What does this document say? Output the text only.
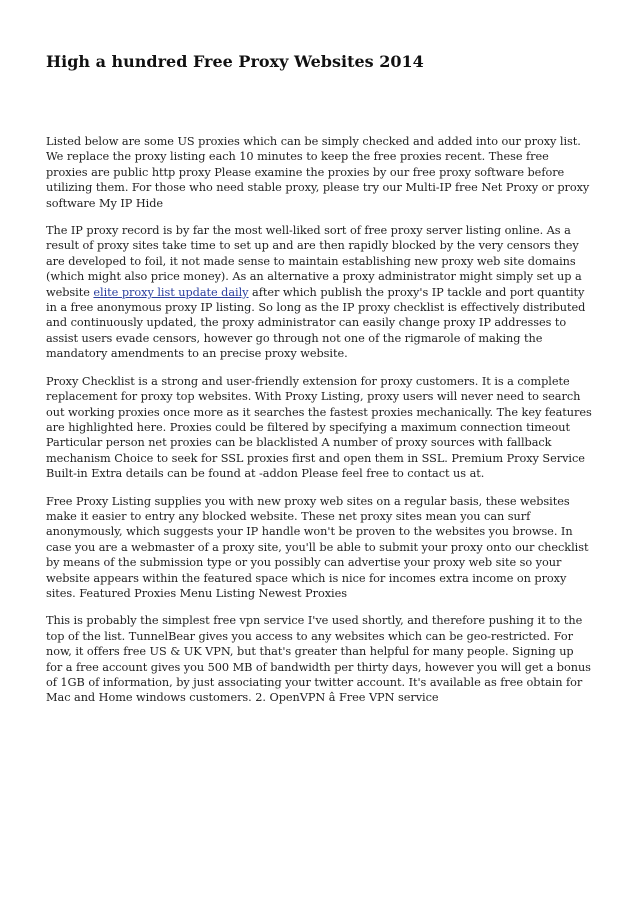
High a hundred Free Proxy Websites 2014

Listed below are some US proxies which can be simply checked and added into our proxy list. We replace the proxy listing each 10 minutes to keep the free proxies recent. These free proxies are public http proxy Please examine the proxies by our free proxy software before utilizing them. For those who need stable proxy, please try our Multi-IP free Net Proxy or proxy software My IP Hide

The IP proxy record is by far the most well-liked sort of free proxy server listing online. As a result of proxy sites take time to set up and are then rapidly blocked by the very censors they are developed to foil, it not made sense to maintain establishing new proxy web site domains (which might also price money). As an alternative a proxy administrator might simply set up a website elite proxy list update daily after which publish the proxy's IP tackle and port quantity in a free anonymous proxy IP listing. So long as the IP proxy checklist is effectively distributed and continuously updated, the proxy administrator can easily change proxy IP addresses to assist users evade censors, however go through not one of the rigmarole of making the mandatory amendments to an precise proxy website.

Proxy Checklist is a strong and user-friendly extension for proxy customers. It is a complete replacement for proxy top websites. With Proxy Listing, proxy users will never need to search out working proxies once more as it searches the fastest proxies mechanically. The key features are highlighted here. Proxies could be filtered by specifying a maximum connection timeout Particular person net proxies can be blacklisted A number of proxy sources with fallback mechanism Choice to seek for SSL proxies first and open them in SSL. Premium Proxy Service Built-in Extra details can be found at -addon Please feel free to contact us at.

Free Proxy Listing supplies you with new proxy web sites on a regular basis, these websites make it easier to entry any blocked website. These net proxy sites mean you can surf anonymously, which suggests your IP handle won't be proven to the websites you browse. In case you are a webmaster of a proxy site, you'll be able to submit your proxy onto our checklist by means of the submission type or you possibly can advertise your proxy web site so your website appears within the featured space which is nice for incomes extra income on proxy sites. Featured Proxies Menu Listing Newest Proxies

This is probably the simplest free vpn service I've used shortly, and therefore pushing it to the top of the list. TunnelBear gives you access to any websites which can be geo-restricted. For now, it offers free US & UK VPN, but that's greater than helpful for many people. Signing up for a free account gives you 500 MB of bandwidth per thirty days, however you will get a bonus of 1GB of information, by just associating your twitter account. It's available as free obtain for Mac and Home windows customers. 2. OpenVPN â Free VPN service
